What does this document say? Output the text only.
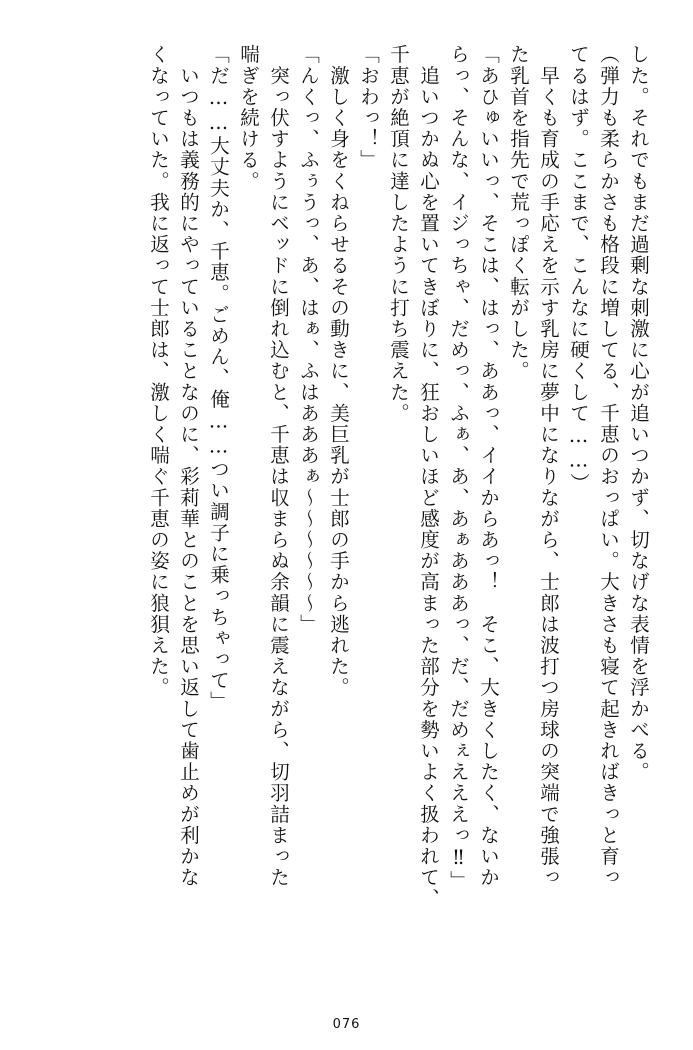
した。それでもまだ過剰な刺激に心が追いつかず、切なげな表情を浮かべる。
（弾力も柔らかさも格段に増してる、千恵のおっぱい。大きさも寝て起きればきっと育っ
てるはず。ここまで、こんなに硬くして……）
　早くも育成の手応えを示す乳房に夢中になりながら、士郎は波打つ房球の突端で強張っ
た乳首を指先で荒っぽく転がした。
「あひゅいいっ、そこは、はっ、ああっ、イイからあっ！　そこ、大きくしたく、ないか
らっ、そんな、イジっちゃ、だめっ、ふぁ、あ、あぁあああっ、だ、だめぇえええっ‼」
　追いつかぬ心を置いてきぼりに、狂おしいほど感度が高まった部分を勢いよく扱われて、
千恵が絶頂に達したように打ち震えた。
「おわっ！」
　激しく身をくねらせるその動きに、美巨乳が士郎の手から逃れた。
「んくっ、ふぅうっ、あ、はぁ、ふはあああぁ～～～～～～」
　突っ伏すようにベッドに倒れ込むと、千恵は収まらぬ余韻に震えながら、切羽詰まった
喘ぎを続ける。
「だ……大丈夫か、千恵。ごめん、俺……つい調子に乗っちゃって」
　いつもは義務的にやっていることなのに、彩莉華とのことを思い返して歯止めが利かな
くなっていた。我に返って士郎は、激しく喘ぐ千恵の姿に狼狽えた。
076
